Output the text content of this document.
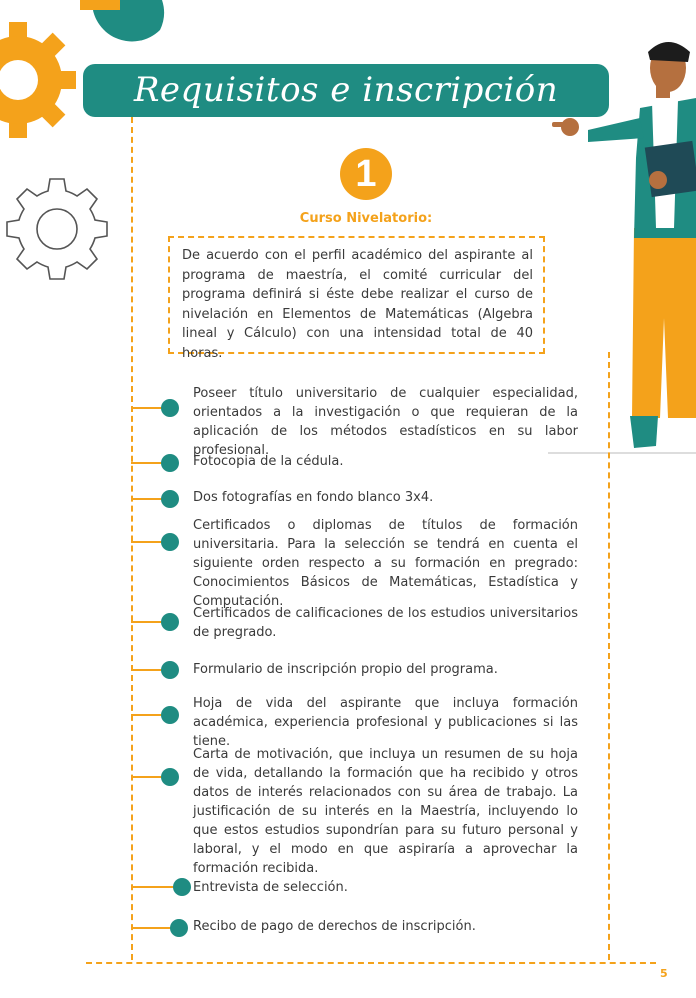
Requisitos e inscripción
1
Curso Nivelatorio:
De acuerdo con el perfil académico del aspirante al programa de maestría, el comité curricular del programa definirá si éste debe realizar el curso de nivelación en Elementos de Matemáticas (Algebra lineal y Cálculo) con una intensidad total de 40 horas.
Poseer título universitario de cualquier especialidad, orientados a la investigación o que requieran de la aplicación de los métodos estadísticos en su labor profesional.
Fotocopia de la cédula.
Dos fotografías en fondo blanco 3x4.
Certificados o diplomas de títulos de formación universitaria. Para la selección se tendrá en cuenta el siguiente orden respecto a su formación en pregrado: Conocimientos Básicos de Matemáticas, Estadística y Computación.
Certificados de calificaciones de los estudios universitarios de pregrado.
Formulario de inscripción propio del programa.
Hoja de vida del aspirante que incluya formación académica, experiencia profesional y publicaciones si las tiene.
Carta de motivación, que incluya un resumen de su hoja de vida, detallando la formación que ha recibido y otros datos de interés relacionados con su área de trabajo. La justificación de su interés en la Maestría, incluyendo lo que estos estudios supondrían para su futuro personal y laboral, y el modo en que aspiraría a aprovechar la formación recibida.
Entrevista de selección.
Recibo de pago de derechos de inscripción.
5
